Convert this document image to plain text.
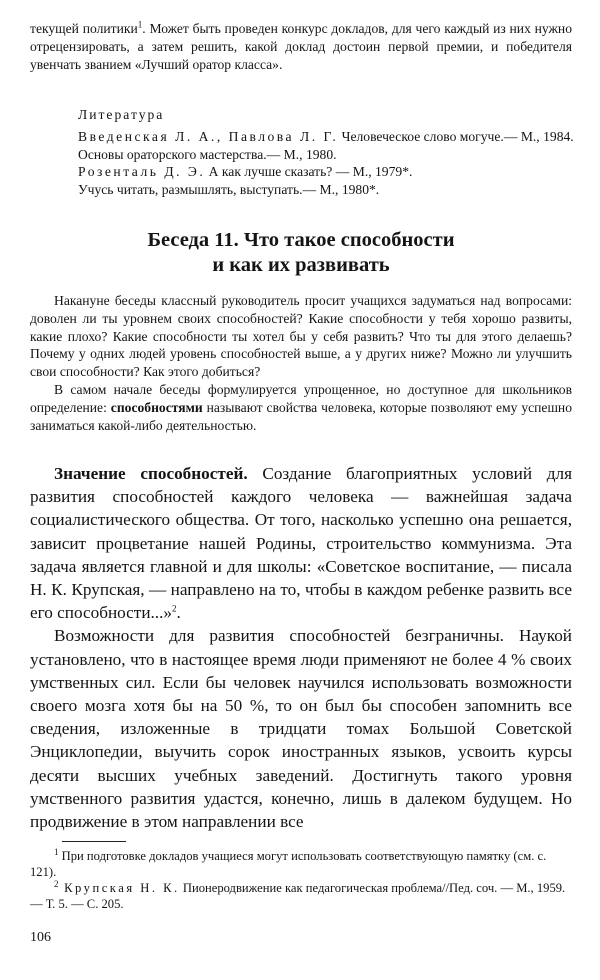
текущей политики$^1$. Может быть проведен конкурс докладов, для чего каждый из них нужно отрецензировать, а затем решить, какой доклад достоин первой премии, и победителя увенчать званием «Лучший оратор класса».

Литература

Введенская Л. А., Павлова Л. Г. Человеческое слово могуче.— М., 1984.

Основы ораторского мастерства.— М., 1980.

Розенталь Д. Э. А как лучше сказать? — М., 1979*.

Учусь читать, размышлять, выступать.— М., 1980*.

Беседа 11. Что такое способности
и как их развивать

Накануне беседы классный руководитель просит учащихся задуматься над вопросами: доволен ли ты уровнем своих способностей? Какие способности у тебя хорошо развиты, какие плохо? Какие способности ты хотел бы у себя развить? Что ты для этого делаешь? Почему у одних людей уровень способностей выше, а у других ниже? Можно ли улучшить свои способности? Как этого добиться?

В самом начале беседы формулируется упрощенное, но доступное для школьников определение: способностями называют свойства человека, которые позволяют ему успешно заниматься какой-либо деятельностью.

Значение способностей. Создание благоприятных условий для развития способностей каждого человека — важнейшая задача социалистического общества. От того, насколько успешно она решается, зависит процветание нашей Родины, строительство коммунизма. Эта задача является главной и для школы: «Советское воспитание, — писала Н. К. Крупская, — направлено на то, чтобы в каждом ребенке развить все его способности...»$^2$.

Возможности для развития способностей безграничны. Наукой установлено, что в настоящее время люди применяют не более 4 % своих умственных сил. Если бы человек научился использовать возможности своего мозга хотя бы на 50 %, то он был бы способен запомнить все сведения, изложенные в тридцати томах Большой Советской Энциклопедии, выучить сорок иностранных языков, усвоить курсы десяти высших учебных заведений. Достигнуть такого уровня умственного развития удастся, конечно, лишь в далеком будущем. Но продвижение в этом направлении все

$^1$ При подготовке докладов учащиеся могут использовать соответствующую памятку (см. с. 121).

$^2$ Крупская Н. К. Пионеродвижение как педагогическая проблема//Пед. соч. — М., 1959. — Т. 5. — С. 205.

106
